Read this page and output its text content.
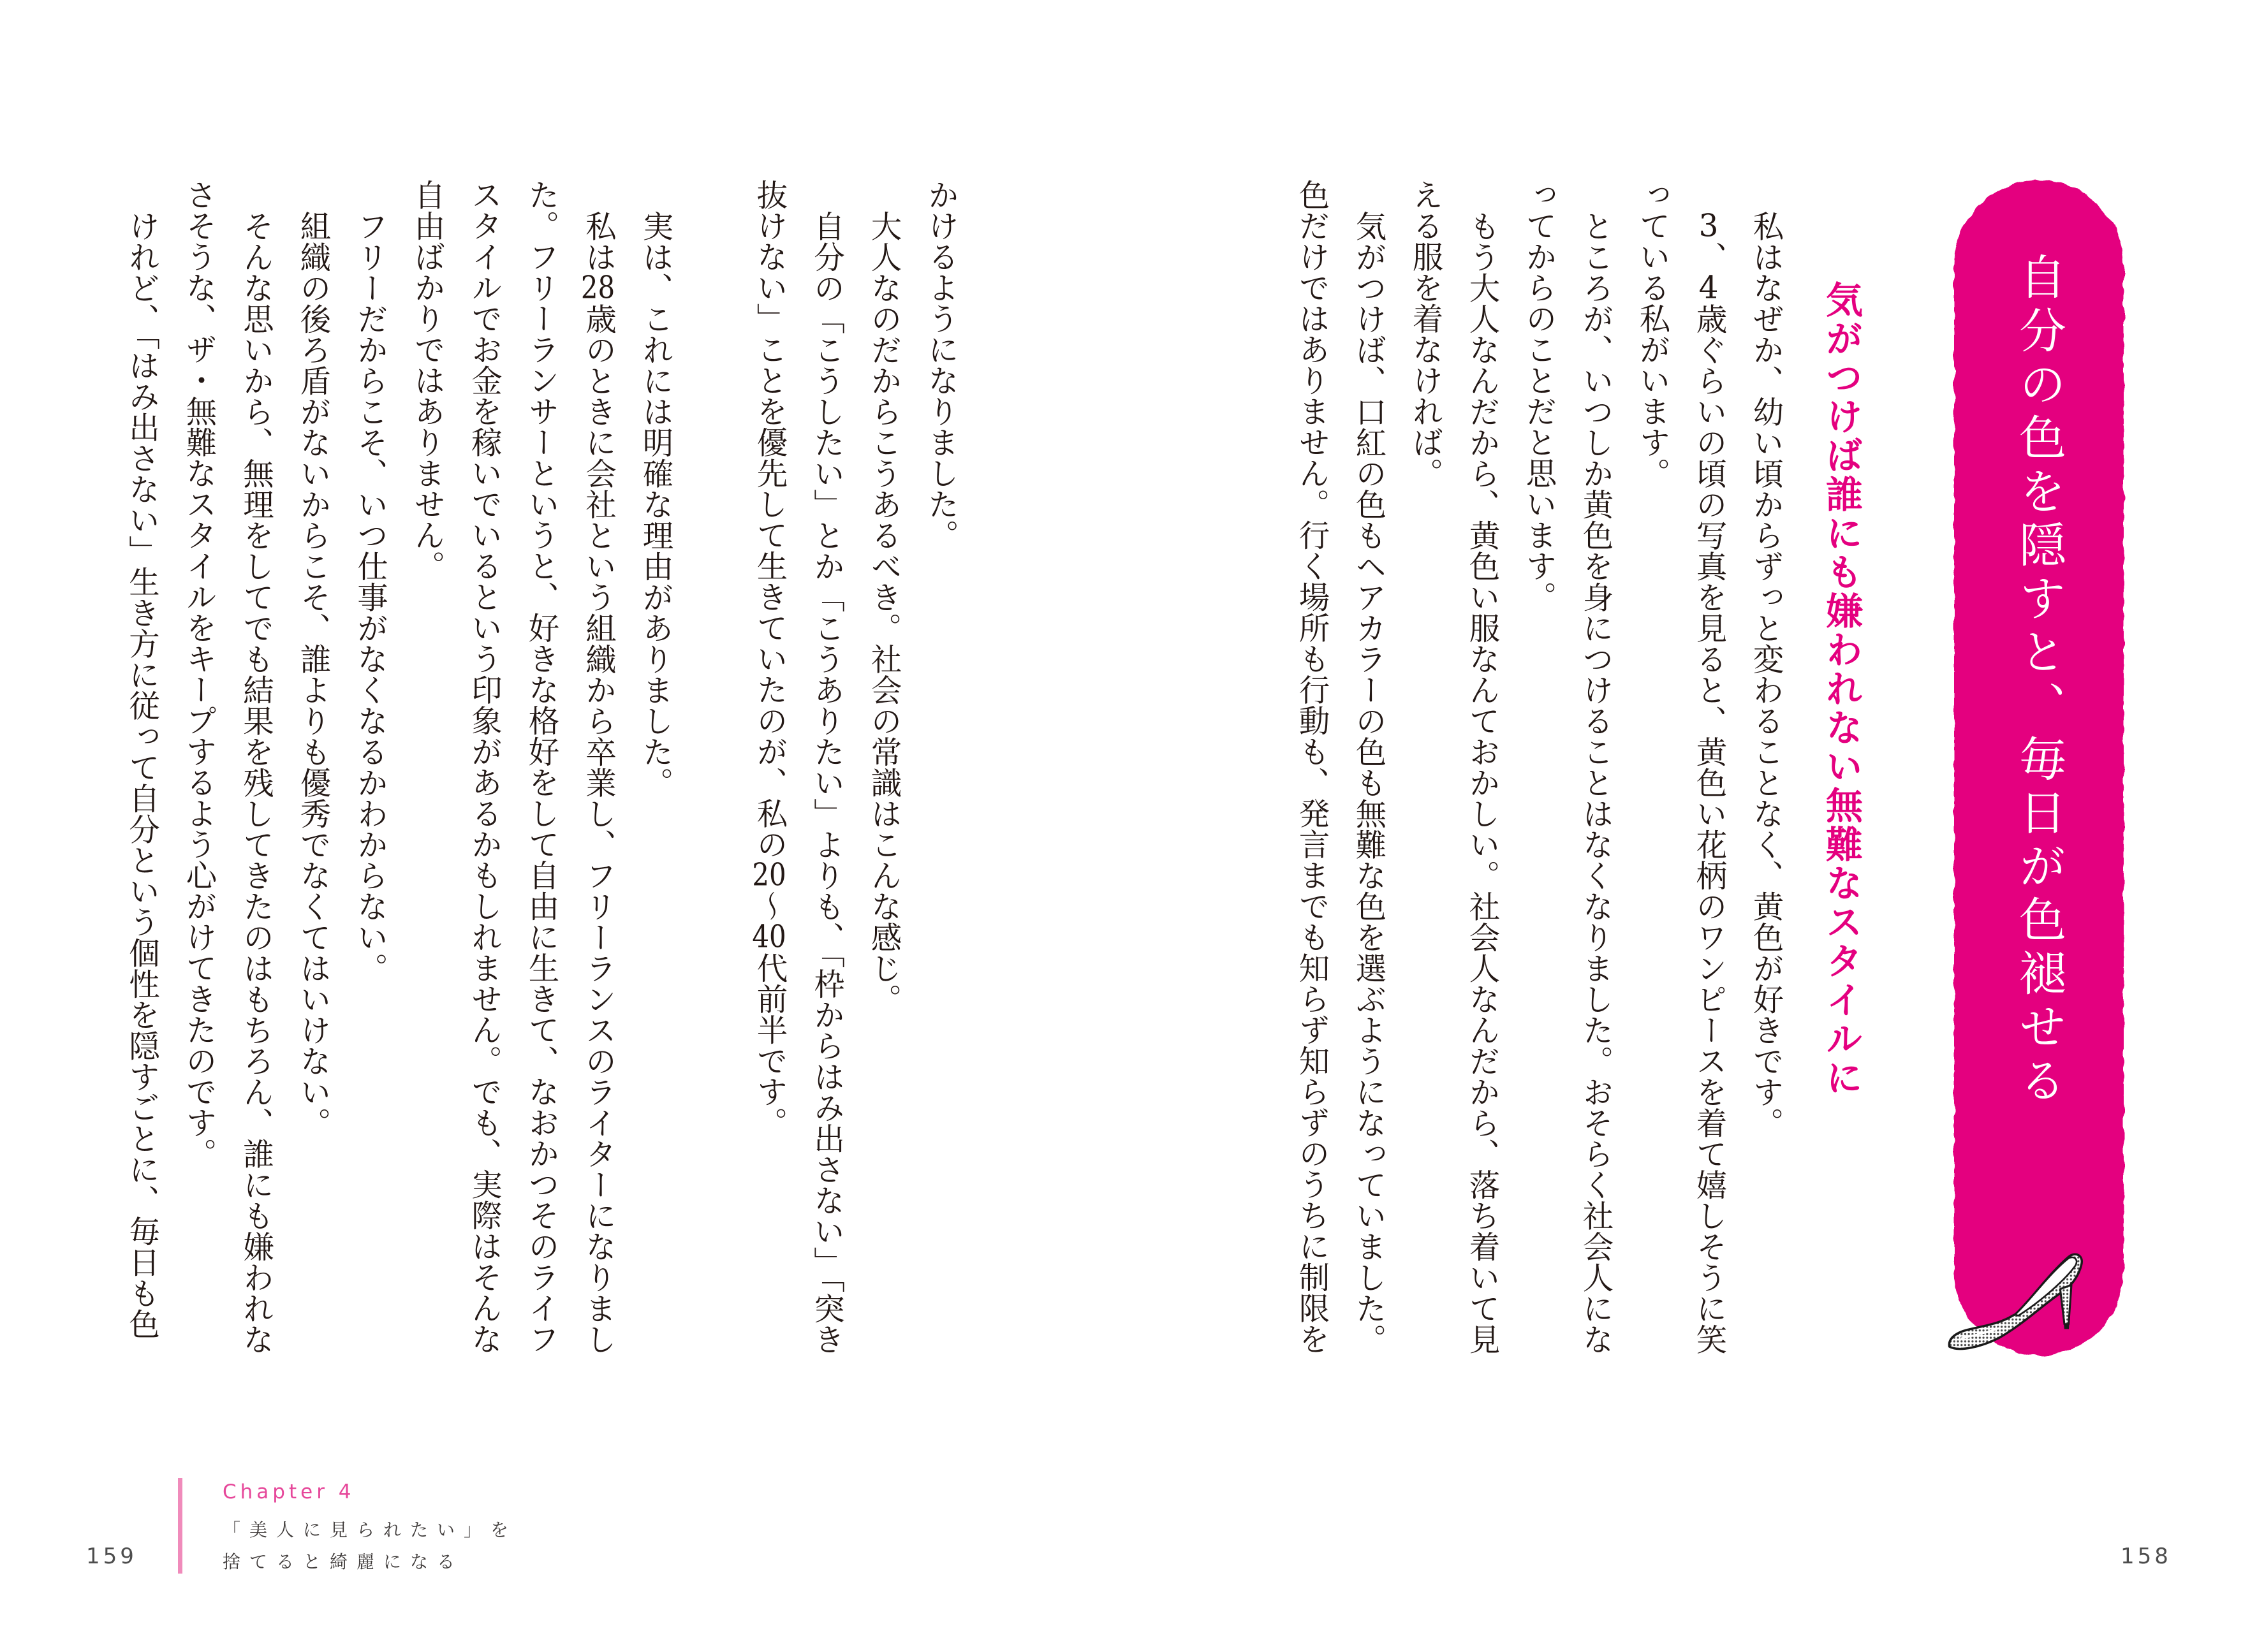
かけるようになりました。
大人なのだからこうあるべき。社会の常識はこんな感じ。
自分の「こうしたい」とか「こうありたい」よりも、「枠からはみ出さない」「突き
抜けない」ことを優先して生きていたのが、私の20〜40代前半です。
実は、これには明確な理由がありました。
私は28歳のときに会社という組織から卒業し、フリーランスのライターになりまし
た。フリーランサーというと、好きな格好をして自由に生きて、なおかつそのライフ
スタイルでお金を稼いでいるという印象があるかもしれません。でも、実際はそんな
自由ばかりではありません。
フリーだからこそ、いつ仕事がなくなるかわからない。
組織の後ろ盾がないからこそ、誰よりも優秀でなくてはいけない。
そんな思いから、無理をしてでも結果を残してきたのはもちろん、誰にも嫌われな
さそうな、ザ・無難なスタイルをキープするよう心がけてきたのです。
けれど、「はみ出さない」生き方に従って自分という個性を隠すごとに、毎日も色
Chapter 4
「美人に見られたい」を
捨てると綺麗になる
159
自分の色を隠すと、毎日が色褪せる
気がつけば誰にも嫌われない無難なスタイルに
私はなぜか、幼い頃からずっと変わることなく、黄色が好きです。
3、4歳ぐらいの頃の写真を見ると、黄色い花柄のワンピースを着て嬉しそうに笑
っている私がいます。
ところが、いつしか黄色を身につけることはなくなりました。おそらく社会人にな
ってからのことだと思います。
もう大人なんだから、黄色い服なんておかしい。社会人なんだから、落ち着いて見
える服を着なければ。
気がつけば、口紅の色もヘアカラーの色も無難な色を選ぶようになっていました。
色だけではありません。行く場所も行動も、発言までも知らず知らずのうちに制限を
158
